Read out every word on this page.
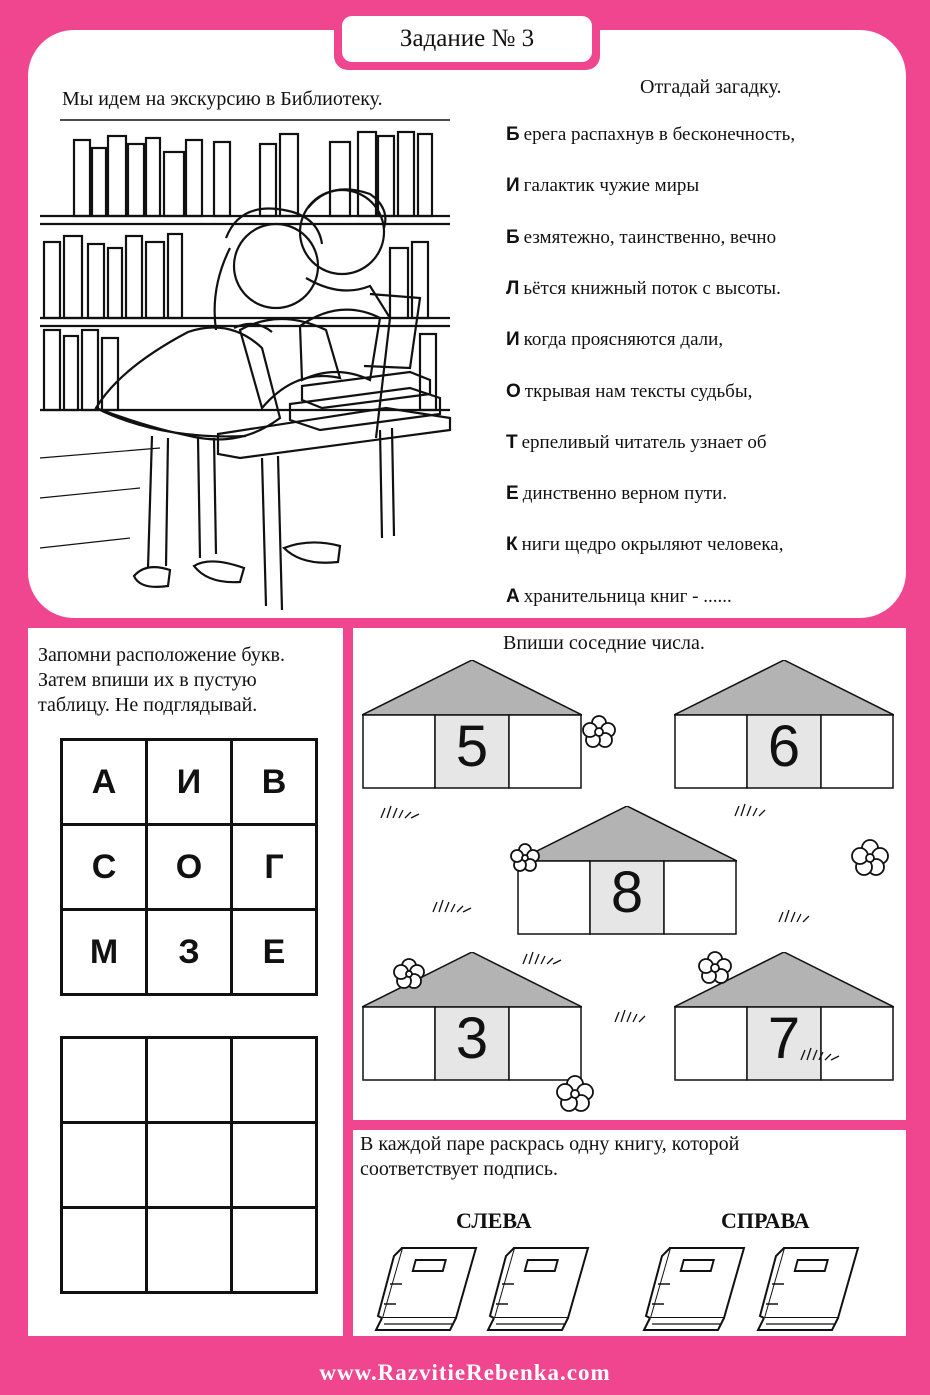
Задание № 3
Мы идем на экскурсию в Библиотеку.
Отгадай загадку.
Б ерега распахнув в бесконечность,
И галактик чужие миры
Б езмятежно, таинственно, вечно
Л ьётся книжный поток с высоты.
И когда проясняются дали,
О ткрывая нам тексты судьбы,
Т ерпеливый читатель узнает об
Е динственно верном пути.
К ниги щедро окрыляют человека,
А хранительница книг - ......
Запомни расположение букв.
Затем впиши их в пустую
таблицу. Не подглядывай.
А	И	В
С	О	Г
М	З	Е
Впиши соседние числа.
5	6
8
3	7
В каждой паре раскрась одну книгу, которой
соответствует подпись.
СЛЕВА	СПРАВА
www.RazvitieRebenka.com
